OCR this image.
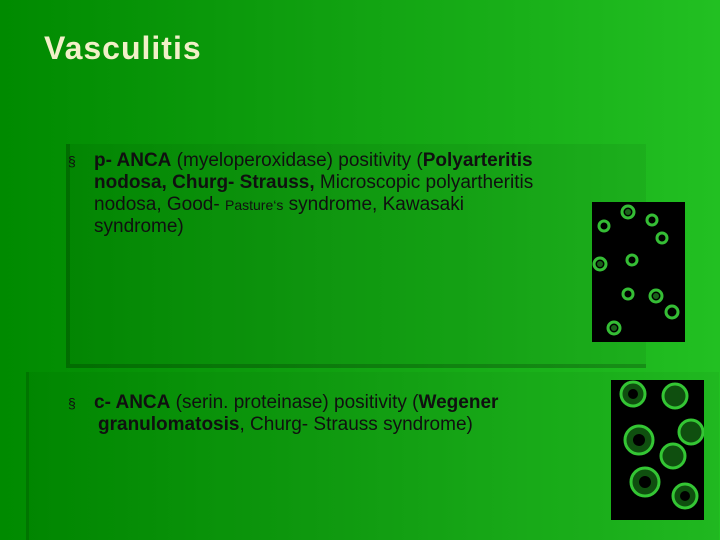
Vasculitis
§ p- ANCA (myeloperoxidase) positivity (Polyarteritis
nodosa, Churg- Strauss, Microscopic polyartheritis
nodosa, Good- Pasture‘s syndrome, Kawasaki
syndrome)
§ c- ANCA (serin. proteinase) positivity (Wegener
granulomatosis, Churg- Strauss syndrome)
